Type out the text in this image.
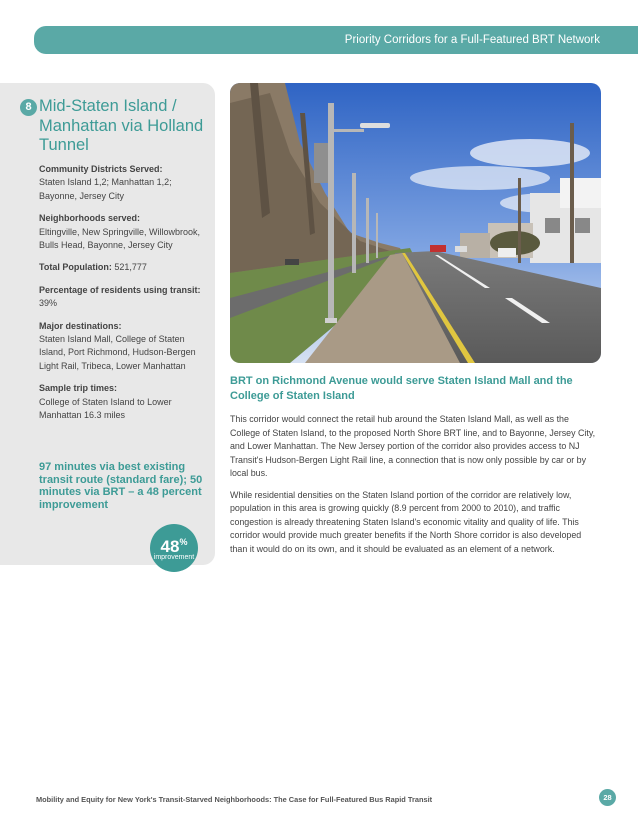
Priority Corridors for a Full-Featured BRT Network
8 Mid-Staten Island / Manhattan via Holland Tunnel
Community Districts Served:
Staten Island 1,2; Manhattan 1,2; Bayonne, Jersey City
Neighborhoods served:
Eltingville, New Springville, Willowbrook, Bulls Head, Bayonne, Jersey City
Total Population: 521,777
Percentage of residents using transit: 39%
Major destinations:
Staten Island Mall, College of Staten Island, Port Richmond, Hudson-Bergen Light Rail, Tribeca, Lower Manhattan
Sample trip times:
College of Staten Island to Lower Manhattan 16.3 miles
97 minutes via best existing transit route (standard fare); 50 minutes via BRT – a 48 percent improvement
48%
improvement
BRT on Richmond Avenue would serve Staten Island Mall and the College of Staten Island

This corridor would connect the retail hub around the Staten Island Mall, as well as the College of Staten Island, to the proposed North Shore BRT line, and to Bayonne, Jersey City, and Lower Manhattan. The New Jersey portion of the corridor also provides access to NJ Transit's Hudson-Bergen Light Rail line, a connection that is now only possible by car or by local bus.

While residential densities on the Staten Island portion of the corridor are relatively low, population in this area is growing quickly (8.9 percent from 2000 to 2010), and traffic congestion is already threatening Staten Island's economic vitality and quality of life. This corridor would provide much greater benefits if the North Shore corridor is also developed than it would do on its own, and it should be evaluated as an element of a network.

Mobility and Equity for New York's Transit-Starved Neighborhoods: The Case for Full-Featured Bus Rapid Transit	28
